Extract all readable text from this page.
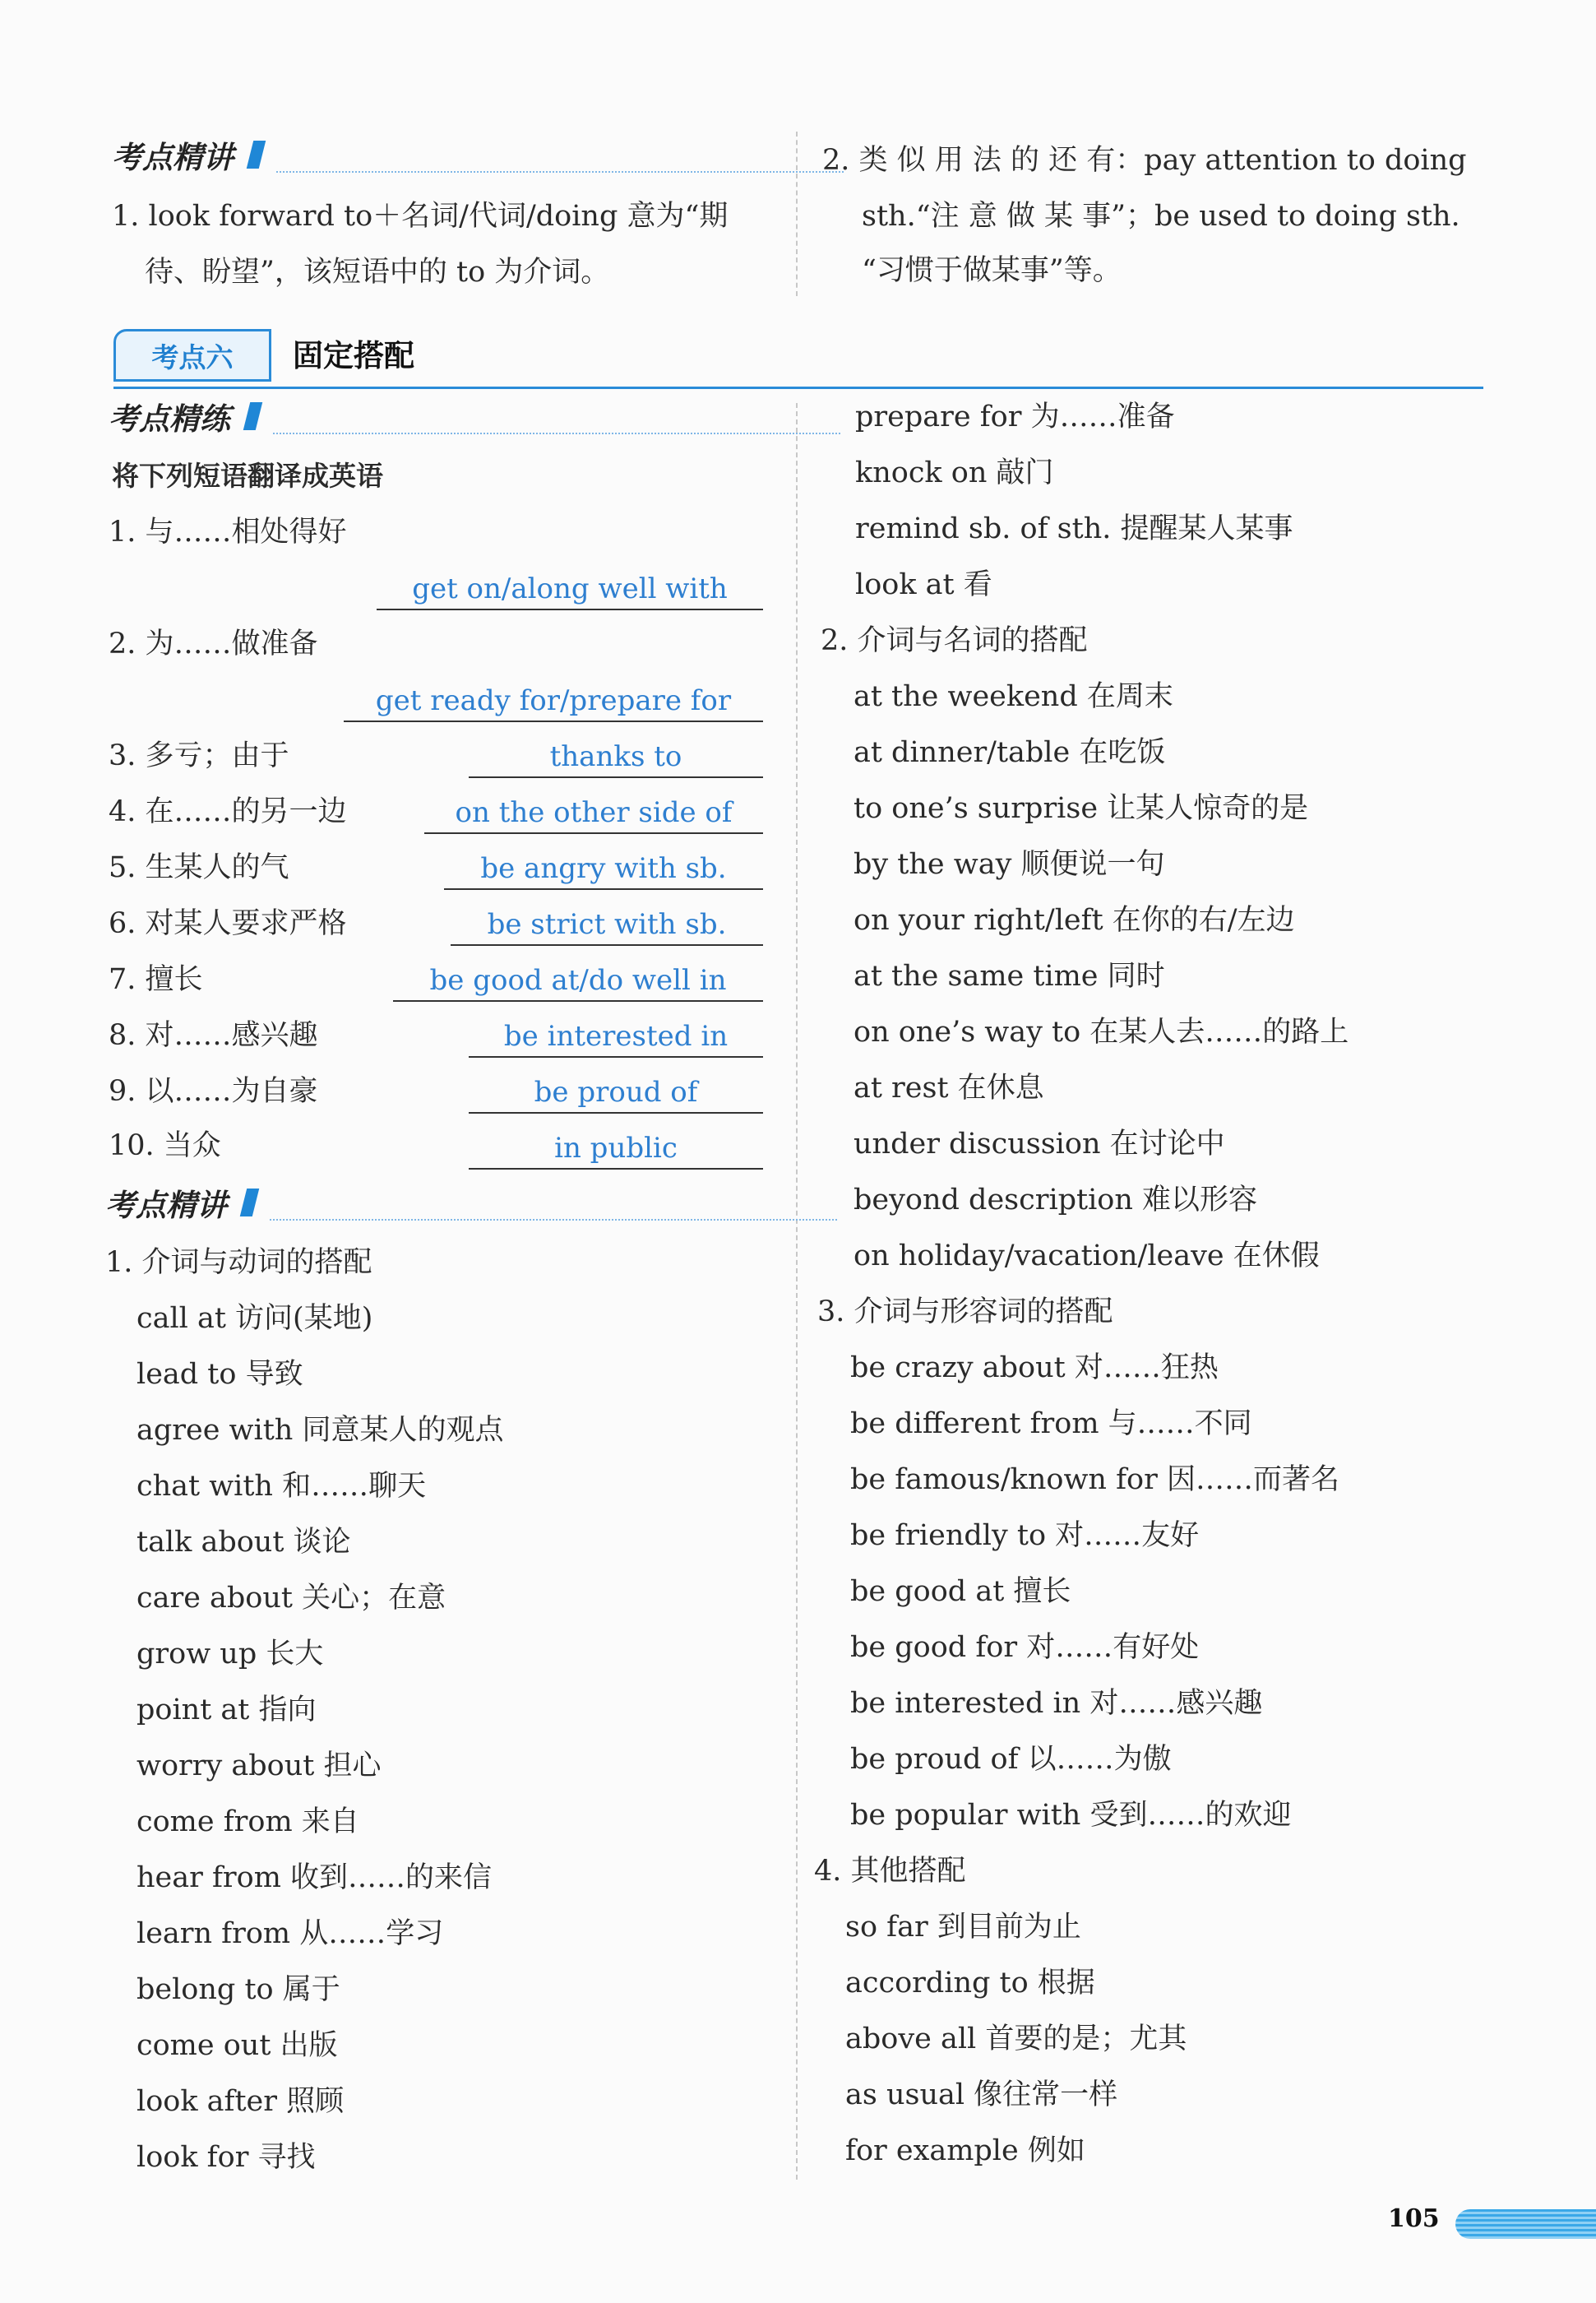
考点精讲
1. look forward to＋名词/代词/doing 意为“期
待、盼望”，该短语中的 to 为介词。
2. 类 似 用 法 的 还 有：pay attention to doing
sth.“注 意 做 某 事”；be used to doing sth.
“习惯于做某事”等。
考点六 固定搭配
考点精练
将下列短语翻译成英语
1. 与……相处得好
get on/along well with
2. 为……做准备
get ready for/prepare for
3. 多亏；由于	thanks to
4. 在……的另一边	on the other side of
5. 生某人的气	be angry with sb.
6. 对某人要求严格	be strict with sb.
7. 擅长	be good at/do well in
8. 对……感兴趣	be interested in
9. 以……为自豪	be proud of
10. 当众	in public
考点精讲
1. 介词与动词的搭配
call at 访问(某地)
lead to 导致
agree with 同意某人的观点
chat with 和……聊天
talk about 谈论
care about 关心；在意
grow up 长大
point at 指向
worry about 担心
come from 来自
hear from 收到……的来信
learn from 从……学习
belong to 属于
come out 出版
look after 照顾
look for 寻找
prepare for 为……准备
knock on 敲门
remind sb. of sth. 提醒某人某事
look at 看
2. 介词与名词的搭配
at the weekend 在周末
at dinner/table 在吃饭
to one’s surprise 让某人惊奇的是
by the way 顺便说一句
on your right/left 在你的右/左边
at the same time 同时
on one’s way to 在某人去……的路上
at rest 在休息
under discussion 在讨论中
beyond description 难以形容
on holiday/vacation/leave 在休假
3. 介词与形容词的搭配
be crazy about 对……狂热
be different from 与……不同
be famous/known for 因……而著名
be friendly to 对……友好
be good at 擅长
be good for 对……有好处
be interested in 对……感兴趣
be proud of 以……为傲
be popular with 受到……的欢迎
4. 其他搭配
so far 到目前为止
according to 根据
above all 首要的是；尤其
as usual 像往常一样
for example 例如
105
